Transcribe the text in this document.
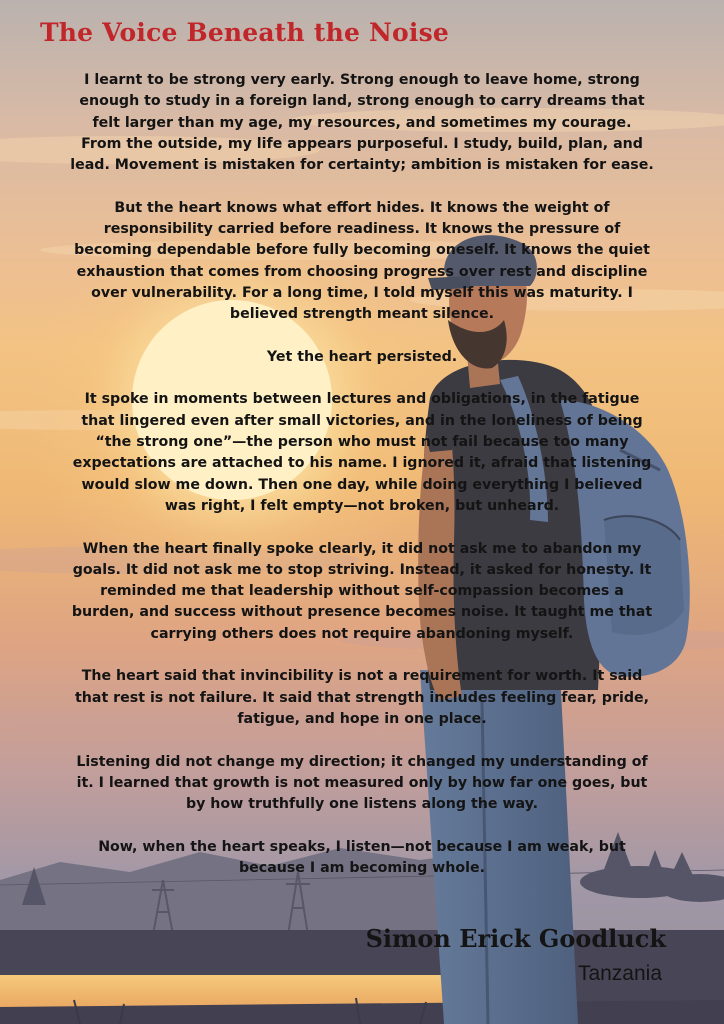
The Voice Beneath the Noise

I learnt to be strong very early. Strong enough to leave home, strong enough to study in a foreign land, strong enough to carry dreams that felt larger than my age, my resources, and sometimes my courage. From the outside, my life appears purposeful. I study, build, plan, and lead. Movement is mistaken for certainty; ambition is mistaken for ease.

But the heart knows what effort hides. It knows the weight of responsibility carried before readiness. It knows the pressure of becoming dependable before fully becoming oneself. It knows the quiet exhaustion that comes from choosing progress over rest and discipline over vulnerability. For a long time, I told myself this was maturity. I believed strength meant silence.

Yet the heart persisted.

It spoke in moments between lectures and obligations, in the fatigue that lingered even after small victories, and in the loneliness of being “the strong one”—the person who must not fail because too many expectations are attached to his name. I ignored it, afraid that listening would slow me down. Then one day, while doing everything I believed was right, I felt empty—not broken, but unheard.

When the heart finally spoke clearly, it did not ask me to abandon my goals. It did not ask me to stop striving. Instead, it asked for honesty. It reminded me that leadership without self-compassion becomes a burden, and success without presence becomes noise. It taught me that carrying others does not require abandoning myself.

The heart said that invincibility is not a requirement for worth. It said that rest is not failure. It said that strength includes feeling fear, pride, fatigue, and hope in one place.

Listening did not change my direction; it changed my understanding of it. I learned that growth is not measured only by how far one goes, but by how truthfully one listens along the way.

Now, when the heart speaks, I listen—not because I am weak, but because I am becoming whole.

Simon Erick Goodluck
Tanzania
